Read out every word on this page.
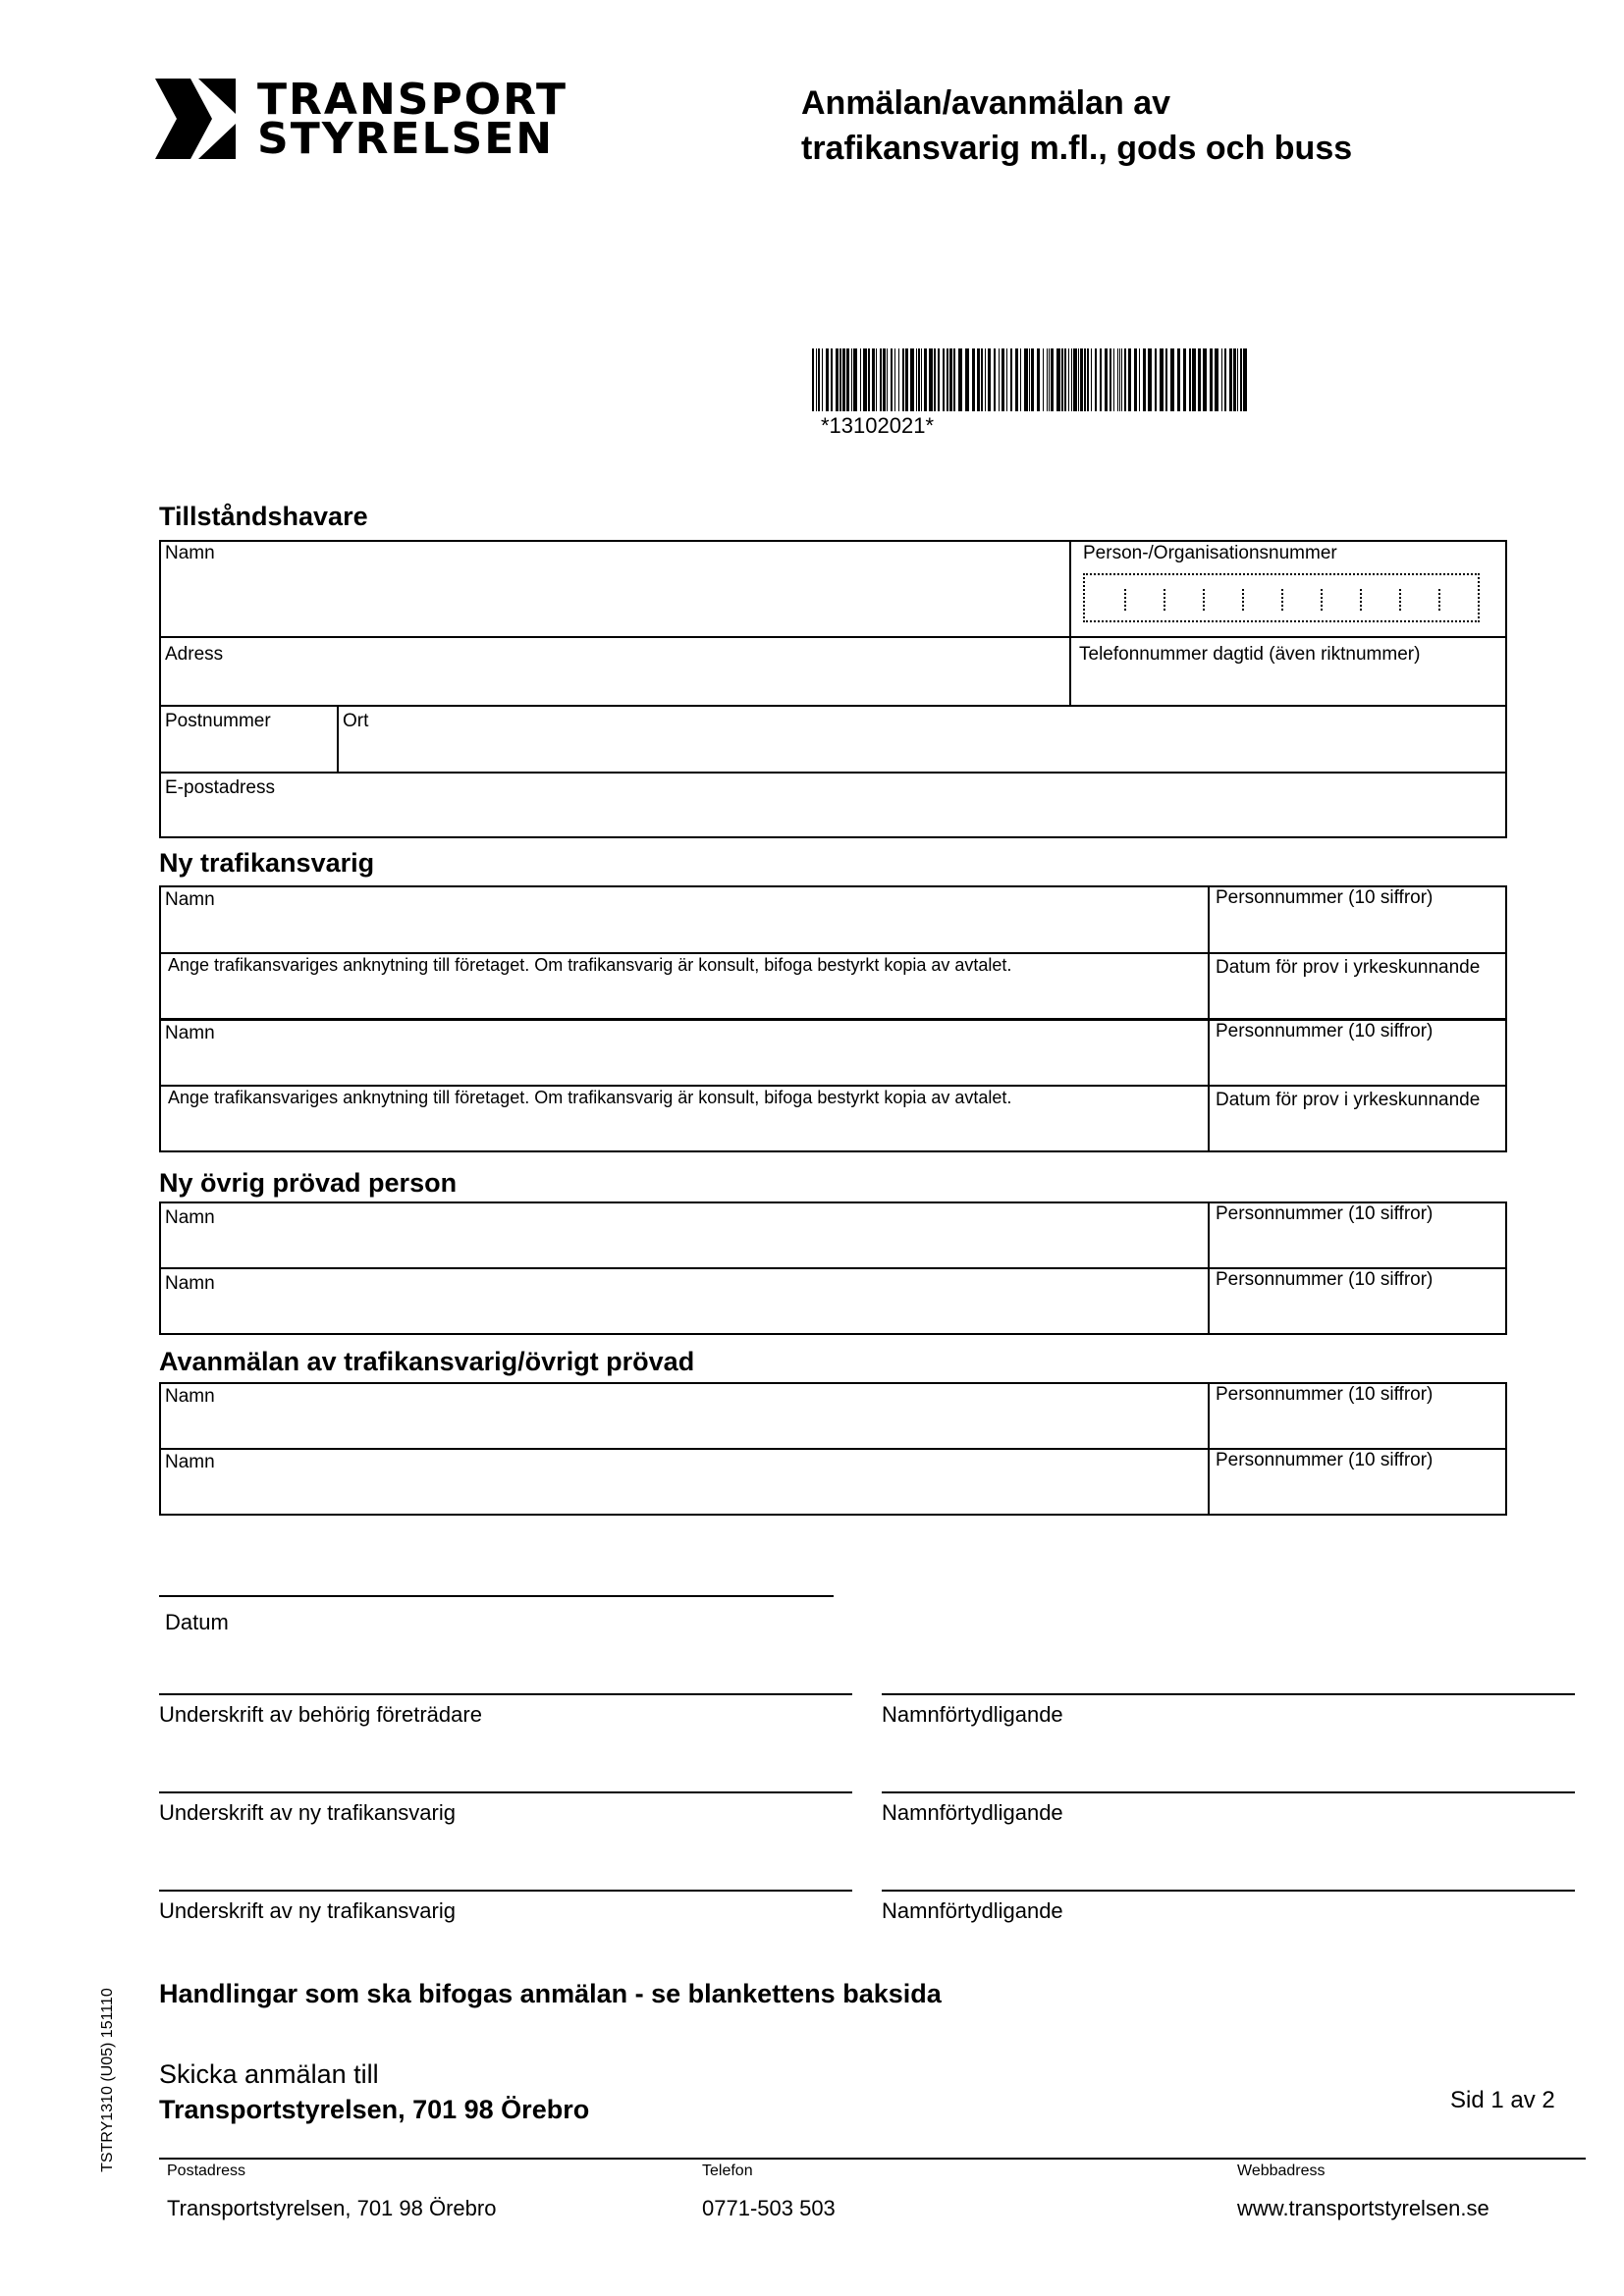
TRANSPORT
STYRELSEN
Anmälan/avanmälan av
trafikansvarig m.fl., gods och buss
*13102021*
Tillståndshavare
Namn	Person-/Organisationsnummer
Adress	Telefonnummer dagtid (även riktnummer)
Postnummer	Ort
E-postadress
Ny trafikansvarig
Namn	Personnummer (10 siffror)
Ange trafikansvariges anknytning till företaget. Om trafikansvarig är konsult, bifoga bestyrkt kopia av avtalet.	Datum för prov i yrkeskunnande
Namn	Personnummer (10 siffror)
Ange trafikansvariges anknytning till företaget. Om trafikansvarig är konsult, bifoga bestyrkt kopia av avtalet.	Datum för prov i yrkeskunnande
Ny övrig prövad person
Namn	Personnummer (10 siffror)
Namn	Personnummer (10 siffror)
Avanmälan av trafikansvarig/övrigt prövad
Namn	Personnummer (10 siffror)
Namn	Personnummer (10 siffror)
Datum
Underskrift av behörig företrädare	Namnförtydligande
Underskrift av ny trafikansvarig	Namnförtydligande
Underskrift av ny trafikansvarig	Namnförtydligande
Handlingar som ska bifogas anmälan - se blankettens baksida
Skicka anmälan till
Transportstyrelsen, 701 98 Örebro	Sid 1 av 2
Postadress	Telefon	Webbadress
Transportstyrelsen, 701 98 Örebro	0771-503 503	www.transportstyrelsen.se
TSTRY1310 (U05) 151110
